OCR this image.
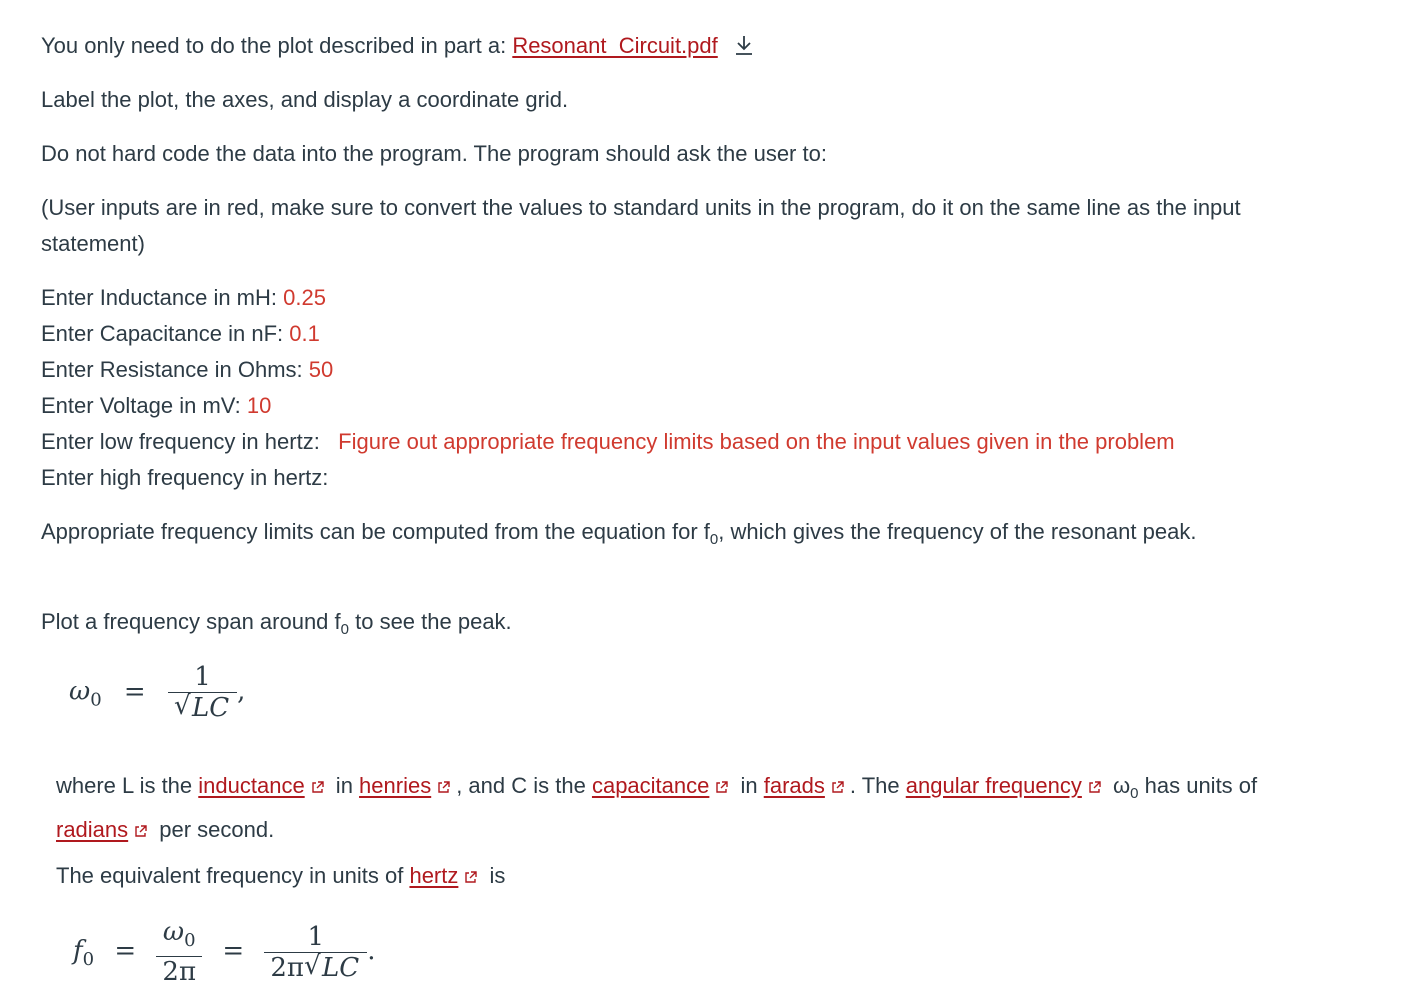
You only need to do the plot described in part a: Resonant_Circuit.pdf

Label the plot, the axes, and display a coordinate grid.

Do not hard code the data into the program. The program should ask the user to:

(User inputs are in red, make sure to convert the values to standard units in the program, do it on the same line as the input statement)

Enter Inductance in mH: 0.25

Enter Capacitance in nF: 0.1

Enter Resistance in Ohms: 50

Enter Voltage in mV: 10

Enter low frequency in hertz:   Figure out appropriate frequency limits based on the input values given in the problem

Enter high frequency in hertz:

Appropriate frequency limits can be computed from the equation for $f_0$, which gives the frequency of the resonant peak.

Plot a frequency span around $f_0$ to see the peak.

$\omega_0 = \frac{1}{√ LC}$ ,

where L is the inductance
in henries , and C is the capacitance
in farads . The angular frequency
$\omega_0$ has units of radians
per second.

The equivalent frequency in units of hertz
is

$f_0 = \frac{\omega_0}{2\pi} = \frac{1}{2\pi √ LC}$ .
